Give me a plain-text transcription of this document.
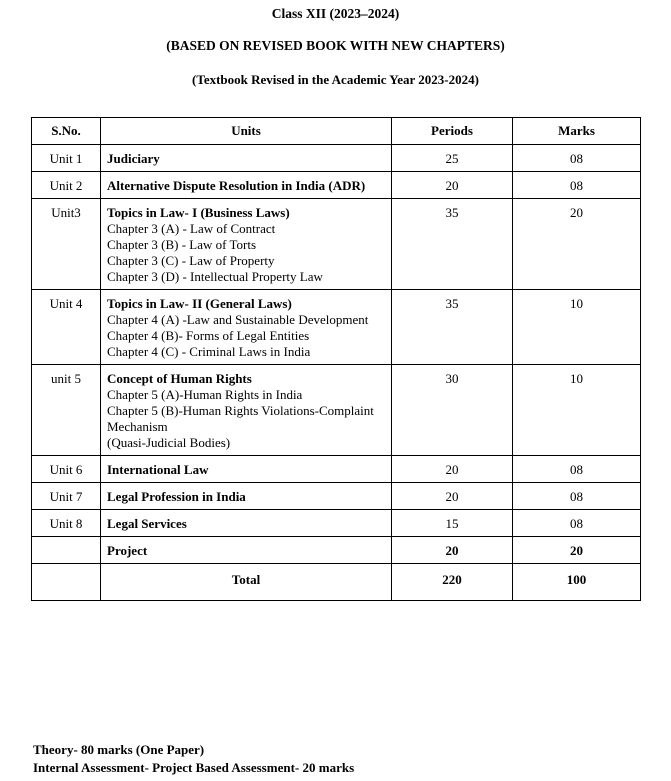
Class XII (2023–2024)
(BASED ON REVISED BOOK WITH NEW CHAPTERS)
(Textbook Revised in the Academic Year 2023-2024)
S.No.	Units	Periods	Marks
Unit 1	Judiciary	25	08
Unit 2	Alternative Dispute Resolution in India (ADR)	20	08
Unit3	Topics in Law- I (Business Laws)
Chapter 3 (A) - Law of Contract
Chapter 3 (B) - Law of Torts
Chapter 3 (C) - Law of Property
Chapter 3 (D) - Intellectual Property Law	35	20
Unit 4	Topics in Law- II (General Laws)
Chapter 4 (A) -Law and Sustainable Development
Chapter 4 (B)- Forms of Legal Entities
Chapter 4 (C) - Criminal Laws in India	35	10
unit 5	Concept of Human Rights
Chapter 5 (A)-Human Rights in India
Chapter 5 (B)-Human Rights Violations-Complaint Mechanism
(Quasi-Judicial Bodies)	30	10
Unit 6	International Law	20	08
Unit 7	Legal Profession in India	20	08
Unit 8	Legal Services	15	08
	Project	20	20
	Total	220	100
Theory- 80 marks (One Paper)
Internal Assessment- Project Based Assessment- 20 marks
